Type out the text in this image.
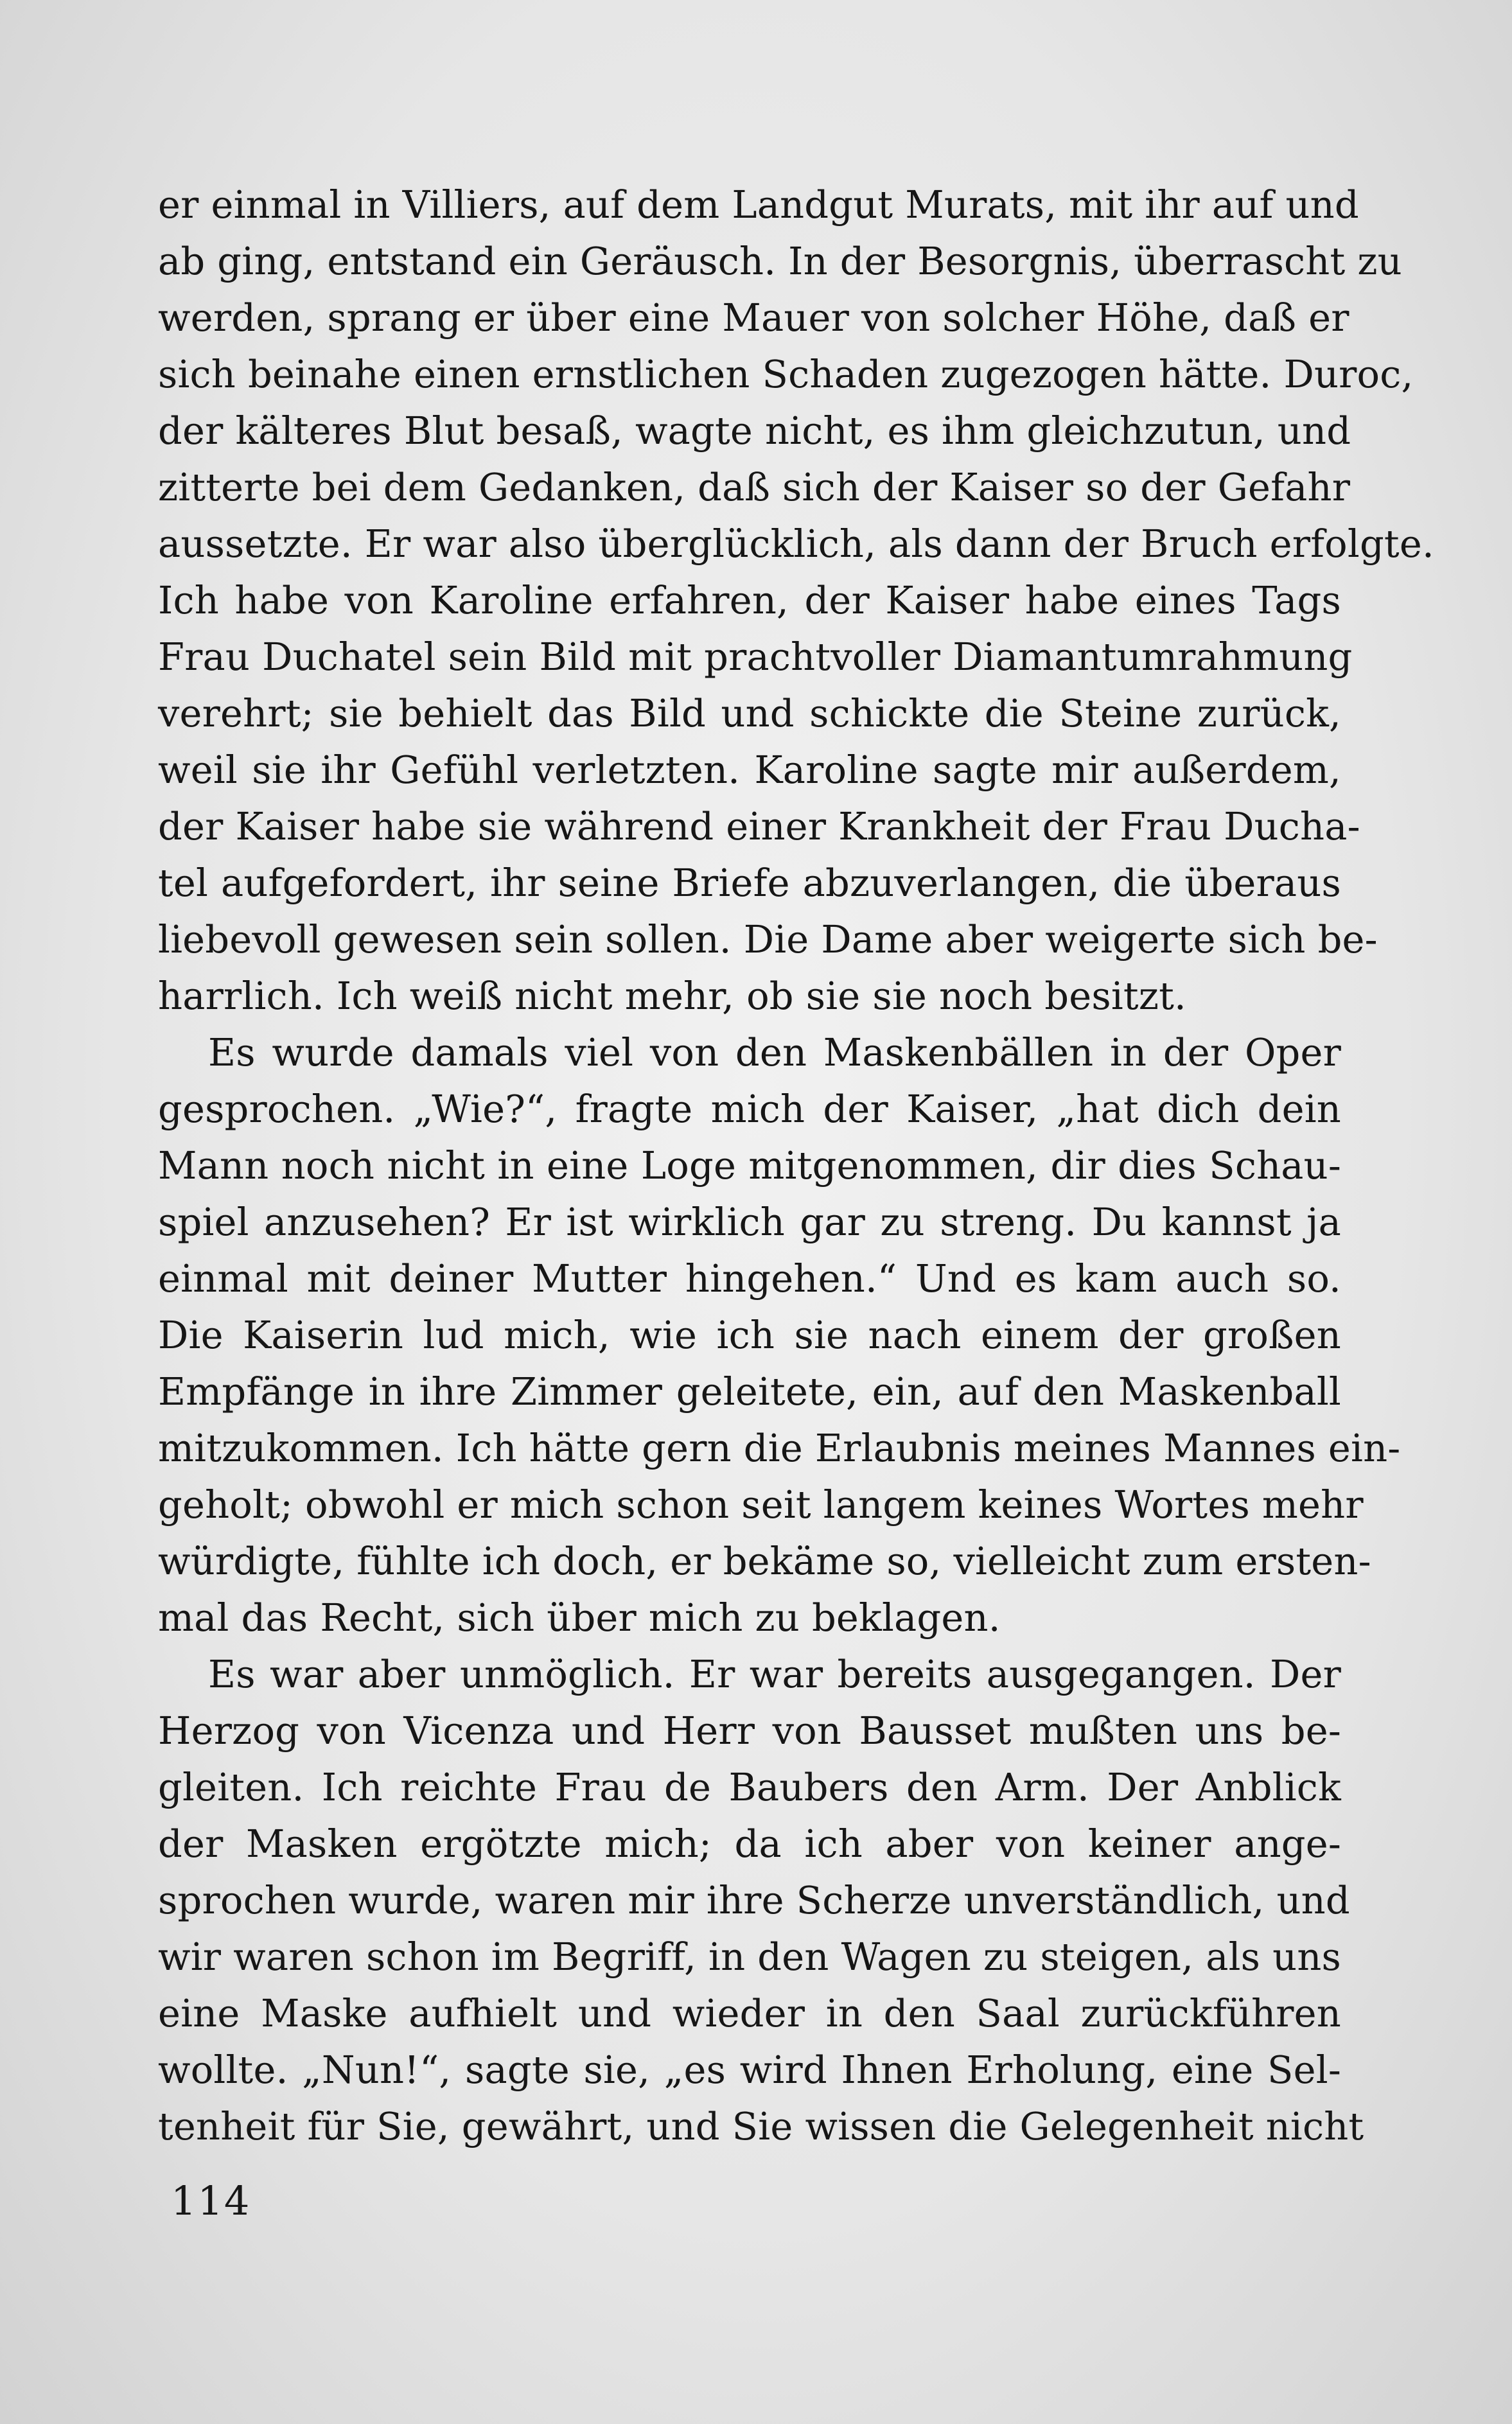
er einmal in Villiers, auf dem Landgut Murats, mit ihr auf und
ab ging, entstand ein Geräusch. In der Besorgnis, überrascht zu
werden, sprang er über eine Mauer von solcher Höhe, daß er
sich beinahe einen ernstlichen Schaden zugezogen hätte. Duroc,
der kälteres Blut besaß, wagte nicht, es ihm gleichzutun, und
zitterte bei dem Gedanken, daß sich der Kaiser so der Gefahr
aussetzte. Er war also überglücklich, als dann der Bruch erfolgte.
Ich habe von Karoline erfahren, der Kaiser habe eines Tags
Frau Duchatel sein Bild mit prachtvoller Diamantumrahmung
verehrt; sie behielt das Bild und schickte die Steine zurück,
weil sie ihr Gefühl verletzten. Karoline sagte mir außerdem,
der Kaiser habe sie während einer Krankheit der Frau Ducha-
tel aufgefordert, ihr seine Briefe abzuverlangen, die überaus
liebevoll gewesen sein sollen. Die Dame aber weigerte sich be-
harrlich. Ich weiß nicht mehr, ob sie sie noch besitzt.
Es wurde damals viel von den Maskenbällen in der Oper
gesprochen. „Wie?“, fragte mich der Kaiser, „hat dich dein
Mann noch nicht in eine Loge mitgenommen, dir dies Schau-
spiel anzusehen? Er ist wirklich gar zu streng. Du kannst ja
einmal mit deiner Mutter hingehen.“ Und es kam auch so.
Die Kaiserin lud mich, wie ich sie nach einem der großen
Empfänge in ihre Zimmer geleitete, ein, auf den Maskenball
mitzukommen. Ich hätte gern die Erlaubnis meines Mannes ein-
geholt; obwohl er mich schon seit langem keines Wortes mehr
würdigte, fühlte ich doch, er bekäme so, vielleicht zum ersten-
mal das Recht, sich über mich zu beklagen.
Es war aber unmöglich. Er war bereits ausgegangen. Der
Herzog von Vicenza und Herr von Bausset mußten uns be-
gleiten. Ich reichte Frau de Baubers den Arm. Der Anblick
der Masken ergötzte mich; da ich aber von keiner ange-
sprochen wurde, waren mir ihre Scherze unverständlich, und
wir waren schon im Begriff, in den Wagen zu steigen, als uns
eine Maske aufhielt und wieder in den Saal zurückführen
wollte. „Nun!“, sagte sie, „es wird Ihnen Erholung, eine Sel-
tenheit für Sie, gewährt, und Sie wissen die Gelegenheit nicht
114
